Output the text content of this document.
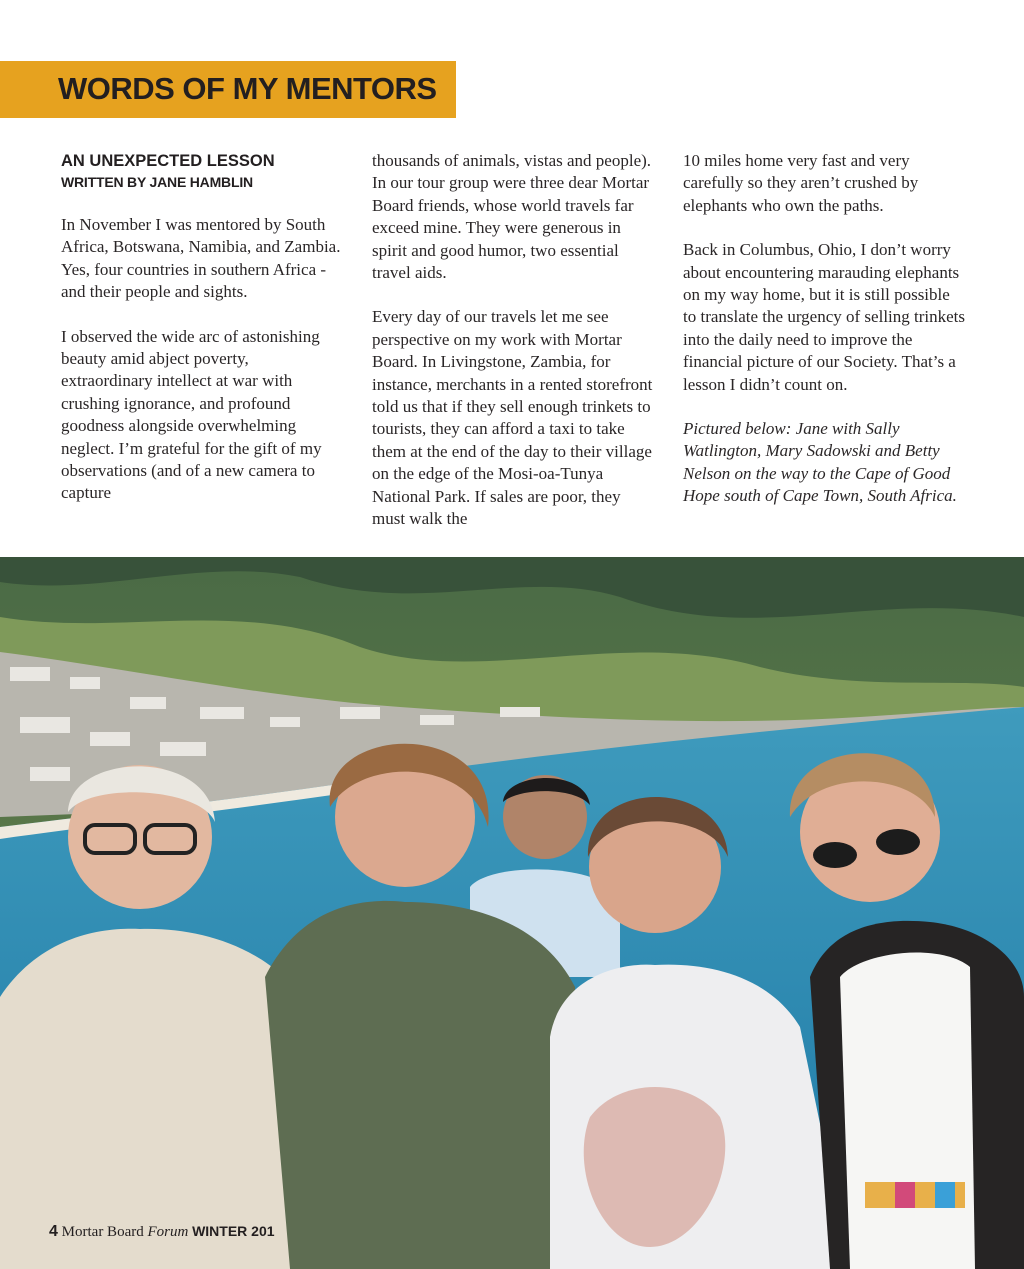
WORDS OF MY MENTORS
AN UNEXPECTED LESSON
WRITTEN BY JANE HAMBLIN

In November I was mentored by South Africa, Botswana, Namibia, and Zambia. Yes, four countries in southern Africa - and their people and sights.

I observed the wide arc of astonishing beauty amid abject poverty, extraordinary intellect at war with crushing ignorance, and profound goodness alongside overwhelming neglect. I’m grateful for the gift of my observations (and of a new camera to capture

thousands of animals, vistas and people). In our tour group were three dear Mortar Board friends, whose world travels far exceed mine. They were generous in spirit and good humor, two essential travel aids.

Every day of our travels let me see perspective on my work with Mortar Board. In Livingstone, Zambia, for instance, merchants in a rented storefront told us that if they sell enough trinkets to tourists, they can afford a taxi to take them at the end of the day to their village on the edge of the Mosi-oa-Tunya National Park. If sales are poor, they must walk the

10 miles home very fast and very carefully so they aren’t crushed by elephants who own the paths.

Back in Columbus, Ohio, I don’t worry about encountering marauding elephants on my way home, but it is still possible to translate the urgency of selling trinkets into the daily need to improve the financial picture of our Society. That’s a lesson I didn’t count on.

Pictured below: Jane with Sally Watlington, Mary Sadowski and Betty Nelson on the way to the Cape of Good Hope south of Cape Town, South Africa.

4 Mortar Board Forum WINTER 201
